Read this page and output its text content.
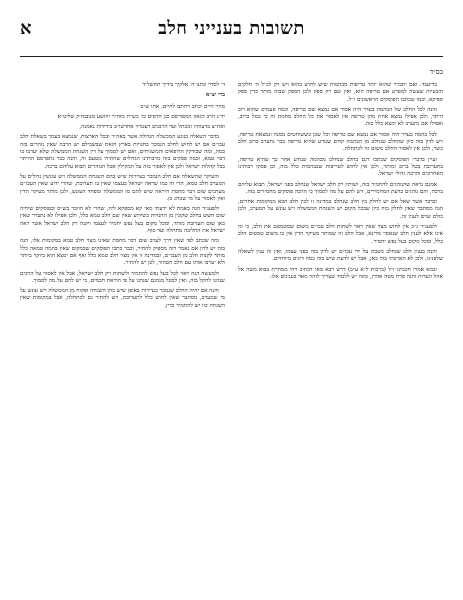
תשובות בענייני חלב
א
בס״ד

ד׳ לסדר ונתנו ה׳ אלקיך בידיך תתשל״ד

ברי יצ״א

מחיי חיים יכתב ויחתם לחיים, אתו ש״ב

יד״נ הרב הגאון המפורסם כגן הדסים כו׳ כש״ת מוה״ר יהושע מנובנהיק שליט״א

ואת״צ בדעותיו ומכתל ועד הרבנים דעטרוי אחדשו״ב בידידות נאמנה,

בדבר השאלה בנוגע המכשלה הגדולה אשר באה״ר ובכל הארצות, שנמצא בעמך בשאלת חלב עכו״ם אם יש לחוש לחלב הנמכר בחנויות בארץ הזאת שבשבילם יש הרבה שאין נזהרים בזה כמה, ומה שבודקין הרופאים והמשגיחים, ואם יש לסמוך על דין השגחת הממשלה שלא יערבו בו דבר טמא, וכמה פסקים בזה מרבותינו הגדולים שהתירו מטעם זה, והנה כבר נתפרסם ההיתר בכל קהלות ישראל ולכן אין לאסור בזה על המקילין אבל הנזהרים תבוא עליהם ברכה.

והעיקר שהשאלה אם חלב הנמכר בעיירות שיש בהם השגחת הממשלה ויש עונשין גדולים על המערב חלב טמא, הרי זה כמו שראה ישראל בעצמו שאין בו תערובת, שהרי ידוע שאין העכו״ם מערבים שום דבר מחמת היראה שיש להם מן הממשלה ומפחד העונש, ולכן מותר מעיקר הדין ואין לאסור על מי שנוהג כן.

ולפענ״ד הנה באמת לא ידעתי מאי קא מספקא ליה, שהרי לא הוזכר בש״ס ובפוסקים שיהיה שום חשש בחלב שקונין מן החנויות כשידוע שאין שם חלב טמא כלל, ולכן אפילו לא נתברר שאין כאן שום תערובת מותר, ומכל מקום בעל נפש יחמיר לעצמו ויקנה רק חלב ישראל אשר ראה ישראל את החליבה מתחלה ועד סוף.

ומה שכתב לפי שאין דרך לערב שום דבר מחמת שאינו מצוי חלב טמא במקומות אלו, הנה בזה יש לדון אם נאמר דזה מספיק להתיר, וכבר כתבו הפוסקים שבמקום שאין בהמה טמאה כלל מותר לקנות חלב מן העכו״ם, ובמדינה זו אין מצוי חלב טמא כלל ואף אם ימצא הוא ביוקר ביותר ולא יערבו אותו עם חלב הטהור, לכן יש להתיר.

ולמעשה הנה ראוי לכל בעל נפש להחמיר ולשתות רק חלב ישראל, אבל אין לאסור על הרבים שנהגו להקל בזה, ואין לבטל מנהגם שנהגו על פי הוראת חכמים, כי יש להם על מה לסמוך.

והנה אם יהיה החלב שנמכר בעיירות באופן שיש בהן השגחה ופקוח מן הממשלה ויש עונש על מי שמערב, מסתבר שאין לחוש כלל לתערובת, ויש להתיר גם לכתחלה, אבל במקומות שאין השגחה כזו יש להחמיר כדין.

בדיעבד. ואם יתברר שהוא יותר טריפות מבהמות שיש לחוש בהוא ויש רק לכ״ל ה׳ חלקים והבעיות שעשה למפרע אם טריפה הוא, ואין שם רק ספק ולכן הספק שבזה מותר כדין ספק ספיקא, וכמו שכתבו הפוסקים הראשונים ז״ל.

והנה לכל החלב של הבהמה בעדר היה אסור אם נמצא שם טריפה, וכמה פעמים שהוא רוב היתר, ולכן אפילו נמצא אחת מהן טריפה אין לאסור את כל החלב מחמת זה כי בטל ברוב, ואפילו אם נתערב לא ימצא כלל כזה.

לכל בהמה בעדר היה אסור אם נמצא שם טריפה וכל שכן כששוחטים ממנה ונמצאת טריפה, ויש לדון בזה כיון שהחלב שנחלב מן הבהמה קודם שנודע שהיא טריפה כבר נתערב ברוב חלב כשר, ולכן אין לאסור החלב משום זה לכתחלה.

ועיין בדברי הפוסקים שכתבו דגם בחלב שנחלב מבהמה שנודע אחר כך שהיא טריפה, בתערובת בטל ברוב ומותר, ולכן אין לחוש לטריפות שבבהמות כלל בזה, וכן פסקו רבותינו האחרונים והרבה גדולי ישראל.

אמנם נראה שהנוהגים להחמיר בזה, ושותין רק חלב ישראל שנחלב בפני ישראל, תבוא עליהם ברכה, והם נוהגים כדעת המחמירים, ויש להם על מה לסמוך כי הרבה פוסקים מחמירים בזה.

ובדבר אשר שאל אם יש לחלק בין חלב שנחלב במדינה זו לבין חלב הבא ממקומות אחרים, הנה מסתבר שאין לחלק בזה כיון שבכל מקום יש השגחת הממשלה ויש עונש על המערב, ולכן כולם שוים לענין זה.

ולפענ״ד ג״כ אין לחוש מצד שאין ראוי לשתות חלב עכו״ם משום שמטמטם את הלב, כי זה אינו אלא לענין חלב שנאסר מדינא, אבל חלב זה שמותר מעיקר הדין אין בו משום טמטום הלב כלל, ומכל מקום בעל נפש יחמיר.

והנה בענין חלב שנחלב בשבת על ידי עכו״ם יש לדון בזה בפני עצמו, ואין זה ענין לשאלה שלפנינו, ולכן לא הארכתי בזה כאן, אבל יש לדעת שיש בזה כמה דינים מיוחדים.

ונבוא אמרו חכמינו ז״ל (ברכות ל״א ע״ב) דרש רבא מאי דכתיב ויהי ממחרת בבוא משה אל אהל העדות והנה פרח מטה אהרן, ומזה יש ללמוד שצריך לזהר מאד בענינים אלו.
